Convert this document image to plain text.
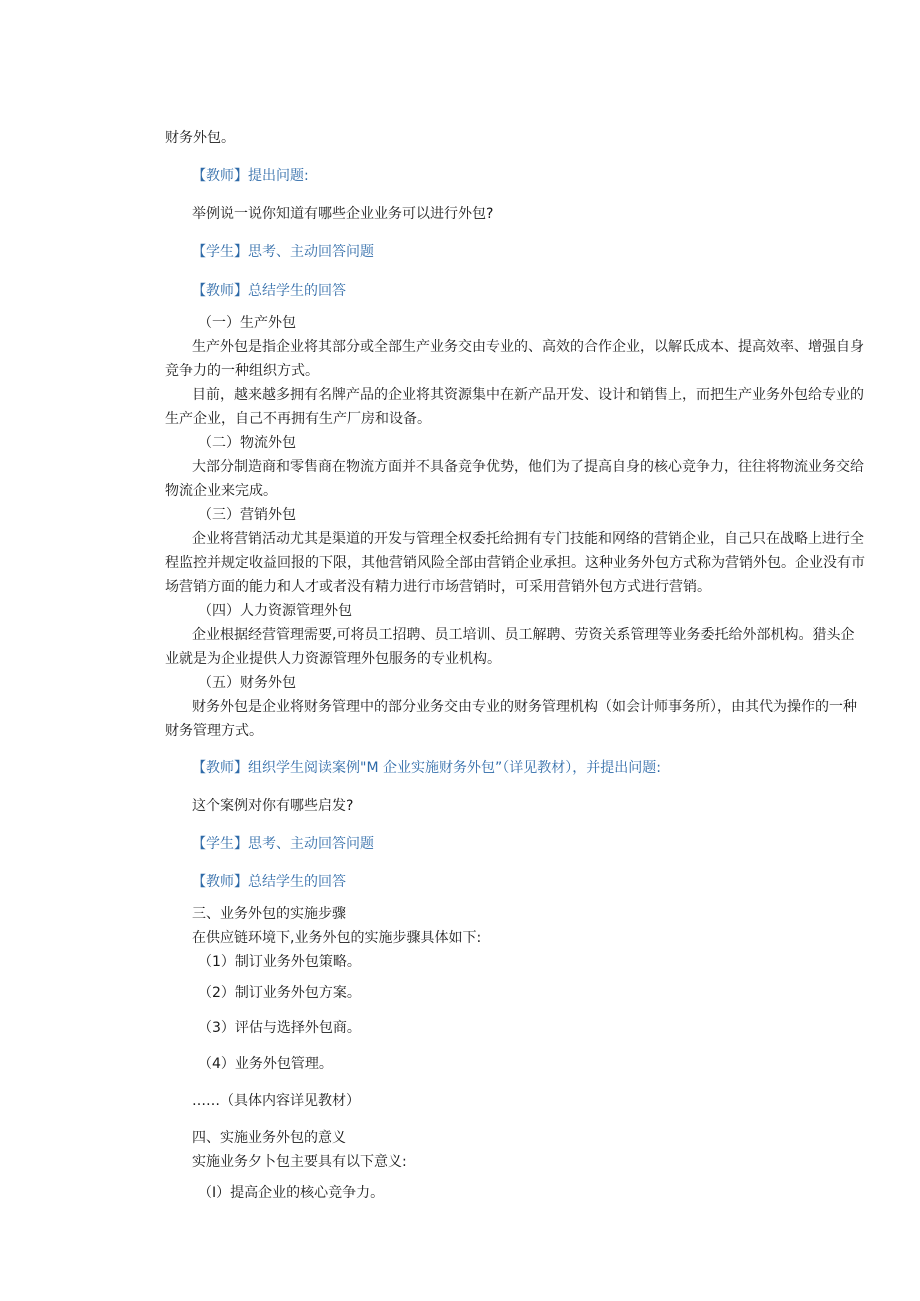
财务外包。
【教师】提出问题:
举例说一说你知道有哪些企业业务可以进行外包?
【学生】思考、主动回答问题
【教师】总结学生的回答
（一）生产外包
生产外包是指企业将其部分或全部生产业务交由专业的、高效的合作企业，以解氐成本、提高效率、增强自身竞争力的一种组织方式。
目前，越来越多拥有名牌产品的企业将其资源集中在新产品开发、设计和销售上，而把生产业务外包给专业的生产企业，自己不再拥有生产厂房和设备。
（二）物流外包
大部分制造商和零售商在物流方面并不具备竞争优势，他们为了提高自身的核心竞争力，往往将物流业务交给物流企业来完成。
（三）营销外包
企业将营销活动尤其是渠道的开发与管理全权委托给拥有专门技能和网络的营销企业，自己只在战略上进行全程监控并规定收益回报的下限，其他营销风险全部由营销企业承担。这种业务外包方式称为营销外包。企业没有市场营销方面的能力和人才或者没有精力进行市场营销时，可采用营销外包方式进行营销。
（四）人力资源管理外包
企业根据经营管理需要,可将员工招聘、员工培训、员工解聘、劳资关系管理等业务委托给外部机构。猎头企业就是为企业提供人力资源管理外包服务的专业机构。
（五）财务外包
财务外包是企业将财务管理中的部分业务交由专业的财务管理机构（如会计师事务所），由其代为操作的一种财务管理方式。
【教师】组织学生阅读案例"M 企业实施财务外包”（详见教材），并提出问题:
这个案例对你有哪些启发?
【学生】思考、主动回答问题
【教师】总结学生的回答
三、业务外包的实施步骤
在供应链环境下,业务外包的实施步骤具体如下:
（1）制订业务外包策略。
（2）制订业务外包方案。
（3）评估与选择外包商。
（4）业务外包管理。
……（具体内容详见教材）
四、实施业务外包的意义
实施业务夕卜包主要具有以下意义:
（I）提高企业的核心竞争力。
